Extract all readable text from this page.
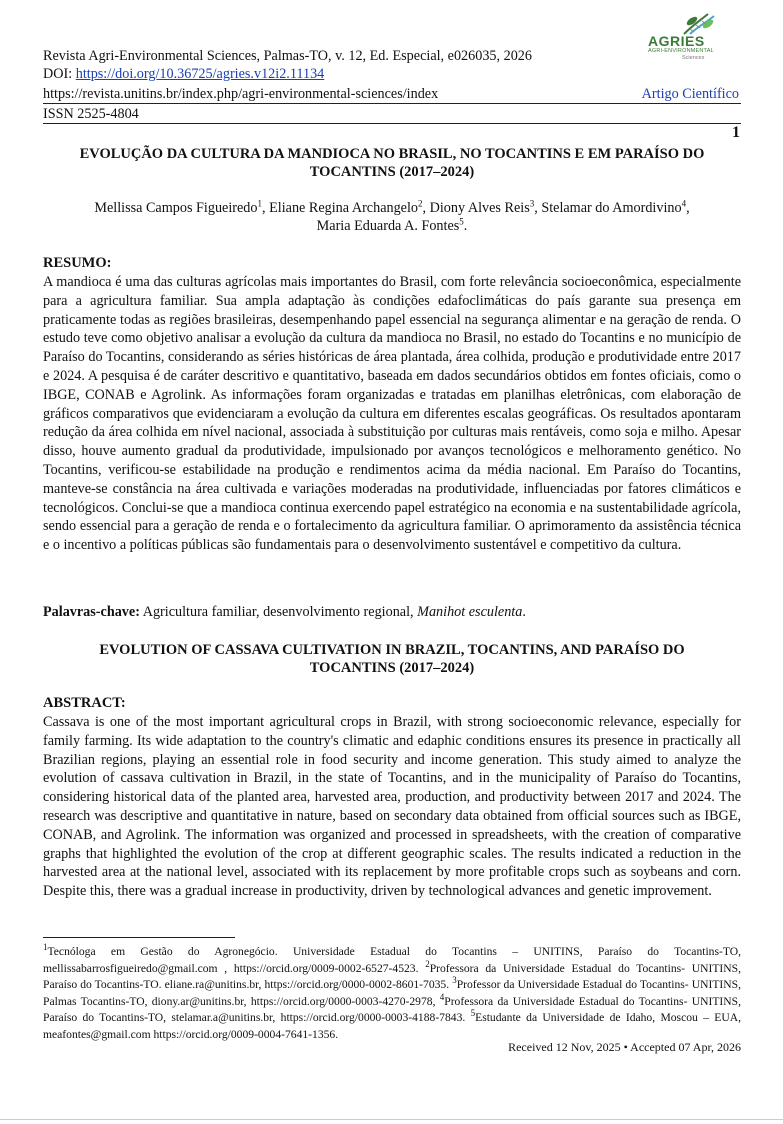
Revista Agri-Environmental Sciences, Palmas-TO, v. 12, Ed. Especial, e026035, 2026
DOI: https://doi.org/10.36725/agries.v12i2.11134
https://revista.unitins.br/index.php/agri-environmental-sciences/index	Artigo Científico
ISSN 2525-4804
1
AGRIES
AGRI-ENVIRONMENTAL
Sciences
EVOLUÇÃO DA CULTURA DA MANDIOCA NO BRASIL, NO TOCANTINS E EM PARAÍSO DO
TOCANTINS (2017–2024)
Mellissa Campos Figueiredo$^1$, Eliane Regina Archangelo$^2$, Diony Alves Reis$^3$, Stelamar do Amordivino$^4$,
Maria Eduarda A. Fontes$^5$.
RESUMO:
A mandioca é uma das culturas agrícolas mais importantes do Brasil, com forte relevância socioeconômica, especialmente para a agricultura familiar. Sua ampla adaptação às condições edafoclimáticas do país garante sua presença em praticamente todas as regiões brasileiras, desempenhando papel essencial na segurança alimentar e na geração de renda. O estudo teve como objetivo analisar a evolução da cultura da mandioca no Brasil, no estado do Tocantins e no município de Paraíso do Tocantins, considerando as séries históricas de área plantada, área colhida, produção e produtividade entre 2017 e 2024. A pesquisa é de caráter descritivo e quantitativo, baseada em dados secundários obtidos em fontes oficiais, como o IBGE, CONAB e Agrolink. As informações foram organizadas e tratadas em planilhas eletrônicas, com elaboração de gráficos comparativos que evidenciaram a evolução da cultura em diferentes escalas geográficas. Os resultados apontaram redução da área colhida em nível nacional, associada à substituição por culturas mais rentáveis, como soja e milho. Apesar disso, houve aumento gradual da produtividade, impulsionado por avanços tecnológicos e melhoramento genético. No Tocantins, verificou-se estabilidade na produção e rendimentos acima da média nacional. Em Paraíso do Tocantins, manteve-se constância na área cultivada e variações moderadas na produtividade, influenciadas por fatores climáticos e tecnológicos. Conclui-se que a mandioca continua exercendo papel estratégico na economia e na sustentabilidade agrícola, sendo essencial para a geração de renda e o fortalecimento da agricultura familiar. O aprimoramento da assistência técnica e o incentivo a políticas públicas são fundamentais para o desenvolvimento sustentável e competitivo da cultura.
Palavras-chave: Agricultura familiar, desenvolvimento regional, Manihot esculenta.
EVOLUTION OF CASSAVA CULTIVATION IN BRAZIL, TOCANTINS, AND PARAÍSO DO
TOCANTINS (2017–2024)
ABSTRACT:
Cassava is one of the most important agricultural crops in Brazil, with strong socioeconomic relevance, especially for family farming. Its wide adaptation to the country's climatic and edaphic conditions ensures its presence in practically all Brazilian regions, playing an essential role in food security and income generation. This study aimed to analyze the evolution of cassava cultivation in Brazil, in the state of Tocantins, and in the municipality of Paraíso do Tocantins, considering historical data of the planted area, harvested area, production, and productivity between 2017 and 2024. The research was descriptive and quantitative in nature, based on secondary data obtained from official sources such as IBGE, CONAB, and Agrolink. The information was organized and processed in spreadsheets, with the creation of comparative graphs that highlighted the evolution of the crop at different geographic scales. The results indicated a reduction in the harvested area at the national level, associated with its replacement by more profitable crops such as soybeans and corn. Despite this, there was a gradual increase in productivity, driven by technological advances and genetic improvement.
$^1$Tecnóloga em Gestão do Agronegócio. Universidade Estadual do Tocantins – UNITINS, Paraíso do Tocantins-TO, mellissabarrosfigueiredo@gmail.com , https://orcid.org/0009-0002-6527-4523. $^2$Professora da Universidade Estadual do Tocantins- UNITINS, Paraíso do Tocantins-TO. eliane.ra@unitins.br, https://orcid.org/0000-0002-8601-7035. $^3$Professor da Universidade Estadual do Tocantins- UNITINS, Palmas Tocantins-TO, diony.ar@unitins.br, https://orcid.org/0000-0003-4270-2978, $^4$Professora da Universidade Estadual do Tocantins- UNITINS, Paraíso do Tocantins-TO, stelamar.a@unitins.br, https://orcid.org/0000-0003-4188-7843. $^5$Estudante da Universidade de Idaho, Moscou – EUA, meafontes@gmail.com https://orcid.org/0009-0004-7641-1356.
Received 12 Nov, 2025 • Accepted 07 Apr, 2026
